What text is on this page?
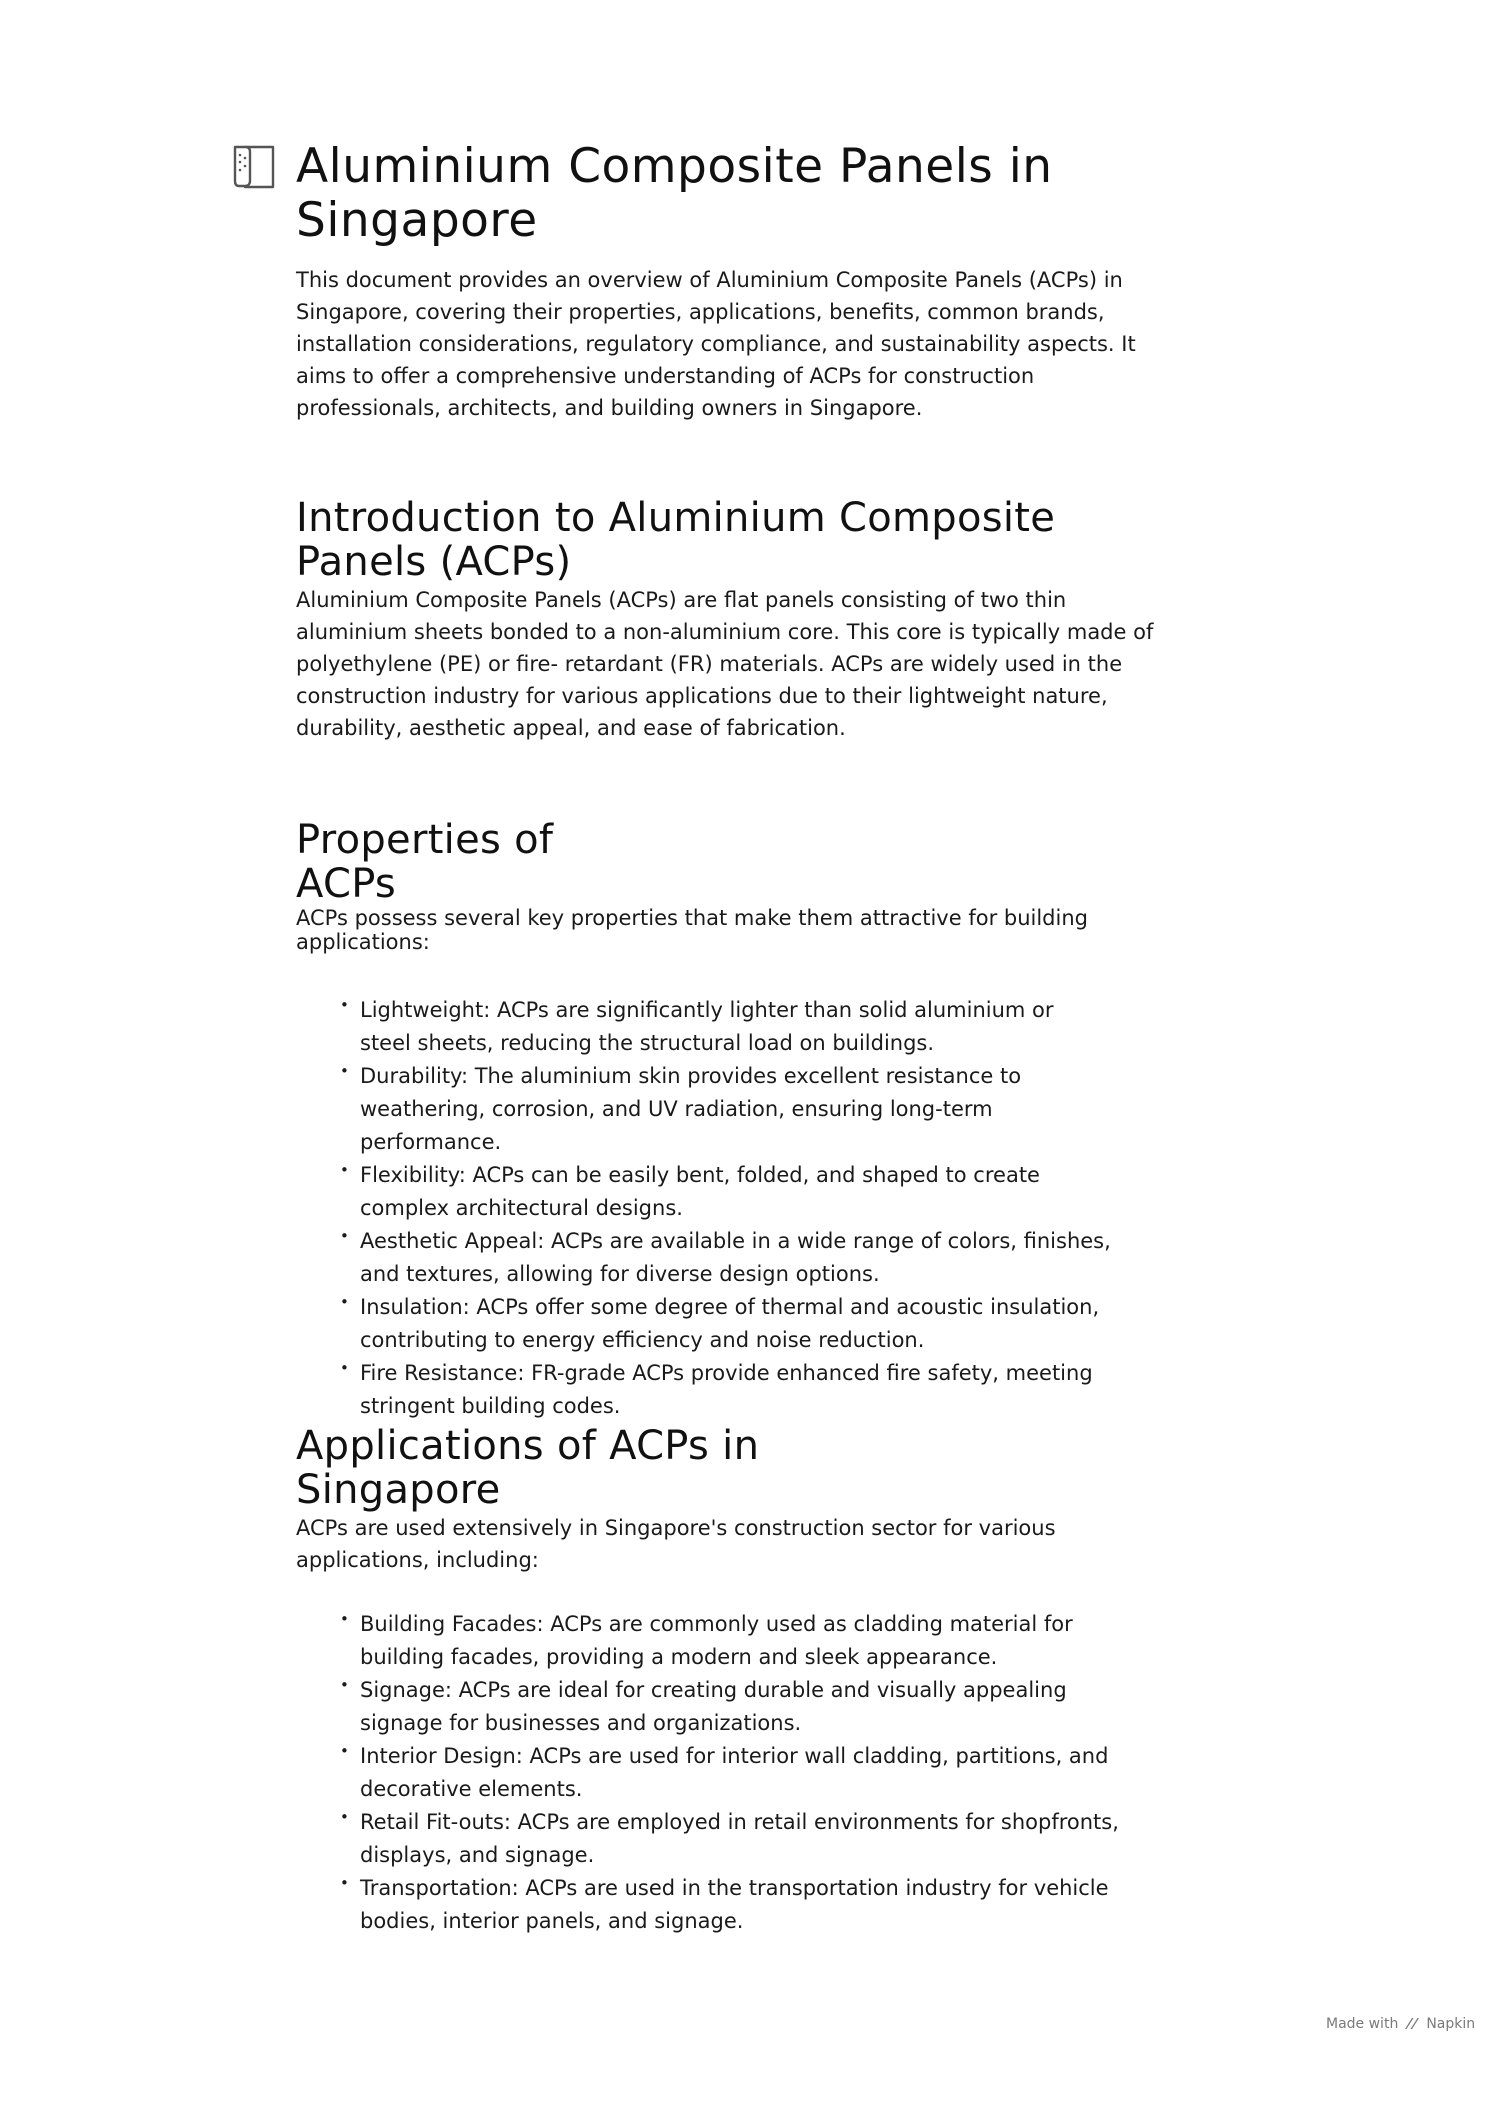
Aluminium Composite Panels in Singapore

This document provides an overview of Aluminium Composite Panels (ACPs) in Singapore, covering their properties, applications, benefits, common brands, installation considerations, regulatory compliance, and sustainability aspects. It aims to offer a comprehensive understanding of ACPs for construction professionals, architects, and building owners in Singapore.

Introduction to Aluminium Composite Panels (ACPs)

Aluminium Composite Panels (ACPs) are flat panels consisting of two thin aluminium sheets bonded to a non-aluminium core. This core is typically made of polyethylene (PE) or fire- retardant (FR) materials. ACPs are widely used in the construction industry for various applications due to their lightweight nature, durability, aesthetic appeal, and ease of fabrication.

Properties of ACPs

ACPs possess several key properties that make them attractive for building applications:

• Lightweight: ACPs are significantly lighter than solid aluminium or steel sheets, reducing the structural load on buildings.
• Durability: The aluminium skin provides excellent resistance to weathering, corrosion, and UV radiation, ensuring long-term performance.
• Flexibility: ACPs can be easily bent, folded, and shaped to create complex architectural designs.
• Aesthetic Appeal: ACPs are available in a wide range of colors, finishes, and textures, allowing for diverse design options.
• Insulation: ACPs offer some degree of thermal and acoustic insulation, contributing to energy efficiency and noise reduction.
• Fire Resistance: FR-grade ACPs provide enhanced fire safety, meeting stringent building codes.
Applications of ACPs in Singapore

ACPs are used extensively in Singapore's construction sector for various applications, including:

• Building Facades: ACPs are commonly used as cladding material for building facades, providing a modern and sleek appearance.
• Signage: ACPs are ideal for creating durable and visually appealing signage for businesses and organizations.
• Interior Design: ACPs are used for interior wall cladding, partitions, and decorative elements.
• Retail Fit-outs: ACPs are employed in retail environments for shopfronts, displays, and signage.
• Transportation: ACPs are used in the transportation industry for vehicle bodies, interior panels, and signage.
Made with Napkin
